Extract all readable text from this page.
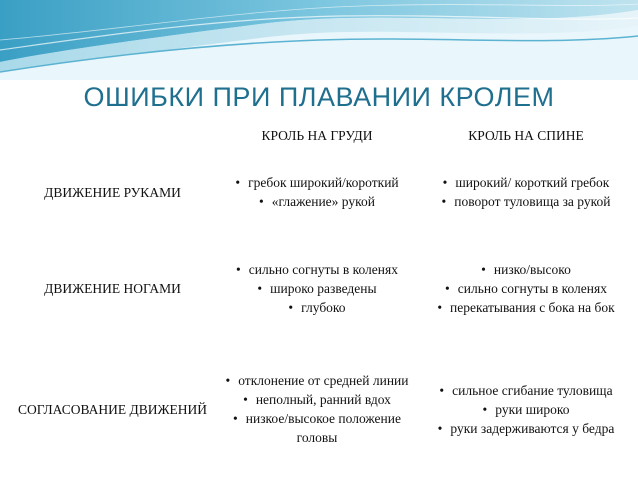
ОШИБКИ ПРИ ПЛАВАНИИ КРОЛЕМ
КРОЛЬ НА ГРУДИ	КРОЛЬ НА СПИНЕ
ДВИЖЕНИЕ РУКАМИ
• гребок широкий/короткий
• «глажение» рукой
• широкий/ короткий гребок
• поворот туловища за рукой
ДВИЖЕНИЕ НОГАМИ
• сильно согнуты в коленях
• широко разведены
• глубоко
• низко/высоко
• сильно согнуты в коленях
• перекатывания с бока на бок
СОГЛАСОВАНИЕ ДВИЖЕНИЙ
• отклонение от средней линии
• неполный, ранний вдох
• низкое/высокое положение головы
• сильное сгибание туловища
• руки широко
• руки задерживаются у бедра
